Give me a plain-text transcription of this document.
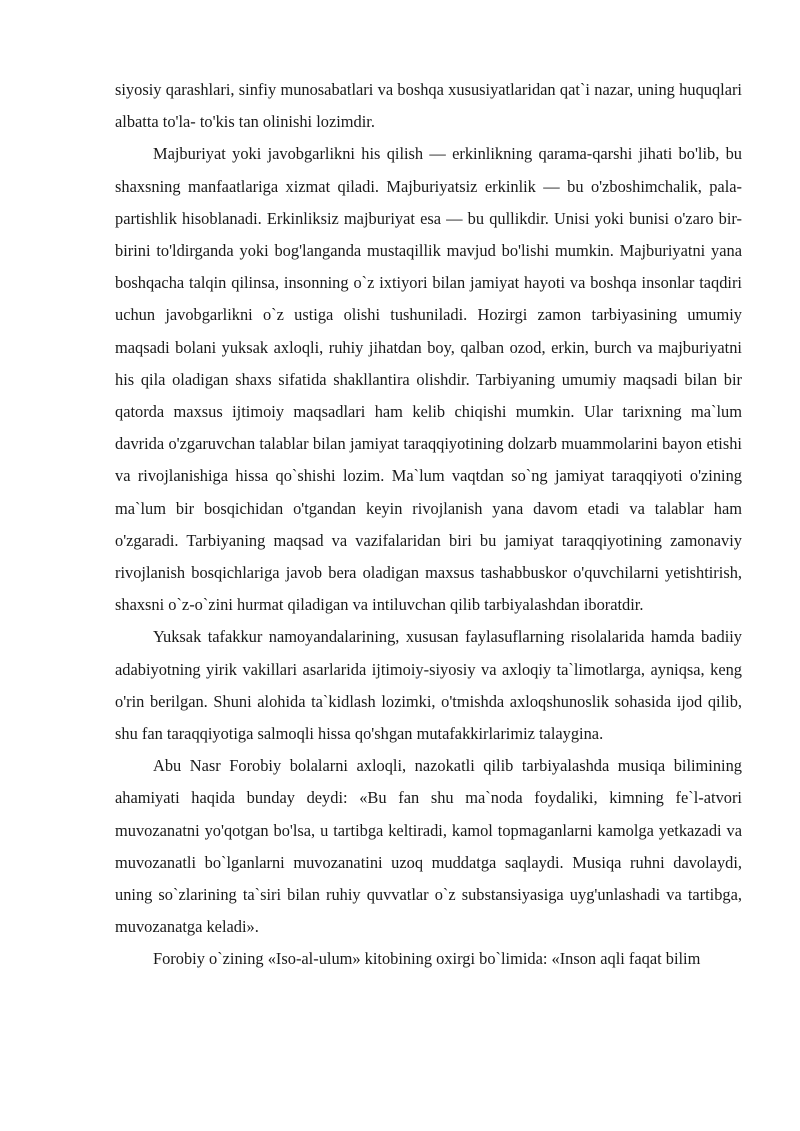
siyosiy qarashlari, sinfiy munosabatlari va boshqa xususiyatlaridan qat`i nazar, uning huquqlari albatta to'la- to'kis tan olinishi lozimdir.

Majburiyat yoki javobgarlikni his qilish — erkinlikning qarama-qarshi jihati bo'lib, bu shaxsning manfaatlariga xizmat qiladi. Majburiyatsiz erkinlik — bu o'zboshimchalik, pala-partishlik hisoblanadi. Erkinliksiz majburiyat esa — bu qullikdir. Unisi yoki bunisi o'zaro bir-birini to'ldirganda yoki bog'langanda mustaqillik mavjud bo'lishi mumkin. Majburiyatni yana boshqacha talqin qilinsa, insonning o`z ixtiyori bilan jamiyat hayoti va boshqa insonlar taqdiri uchun javobgarlikni o`z ustiga olishi tushuniladi. Hozirgi zamon tarbiyasining umumiy maqsadi bolani yuksak axloqli, ruhiy jihatdan boy, qalban ozod, erkin, burch va majburiyatni his qila oladigan shaxs sifatida shakllantira olishdir. Tarbiyaning umumiy maqsadi bilan bir qatorda maxsus ijtimoiy maqsadlari ham kelib chiqishi mumkin. Ular tarixning ma`lum davrida o'zgaruvchan talablar bilan jamiyat taraqqiyotining dolzarb muammolarini bayon etishi va rivojlanishiga hissa qo`shishi lozim. Ma`lum vaqtdan so`ng jamiyat taraqqiyoti o'zining ma`lum bir bosqichidan o'tgandan keyin rivojlanish yana davom etadi va talablar ham o'zgaradi. Tarbiyaning maqsad va vazifalaridan biri bu jamiyat taraqqiyotining zamonaviy rivojlanish bosqichlariga javob bera oladigan maxsus tashabbuskor o'quvchilarni yetishtirish, shaxsni o`z-o`zini hurmat qiladigan va intiluvchan qilib tarbiyalashdan iboratdir.

Yuksak tafakkur namoyandalarining, xususan faylasuflarning risolalarida hamda badiiy adabiyotning yirik vakillari asarlarida ijtimoiy-siyosiy va axloqiy ta`limotlarga, ayniqsa, keng o'rin berilgan. Shuni alohida ta`kidlash lozimki, o'tmishda axloqshunoslik sohasida ijod qilib, shu fan taraqqiyotiga salmoqli hissa qo'shgan mutafakkirlarimiz talaygina.

Abu Nasr Forobiy bolalarni axloqli, nazokatli qilib tarbiyalashda musiqa bilimining ahamiyati haqida bunday deydi: «Bu fan shu ma`noda foydaliki, kimning fe`l-atvori muvozanatni yo'qotgan bo'lsa, u tartibga keltiradi, kamol topmaganlarni kamolga yetkazadi va muvozanatli bo`lganlarni muvozanatini uzoq muddatga saqlaydi. Musiqa ruhni davolaydi, uning so`zlarining ta`siri bilan ruhiy quvvatlar o`z substansiyasiga uyg'unlashadi va tartibga, muvozanatga keladi».

Forobiy o`zining «Iso-al-ulum» kitobining oxirgi bo`limida: «Inson aqli faqat bilim
